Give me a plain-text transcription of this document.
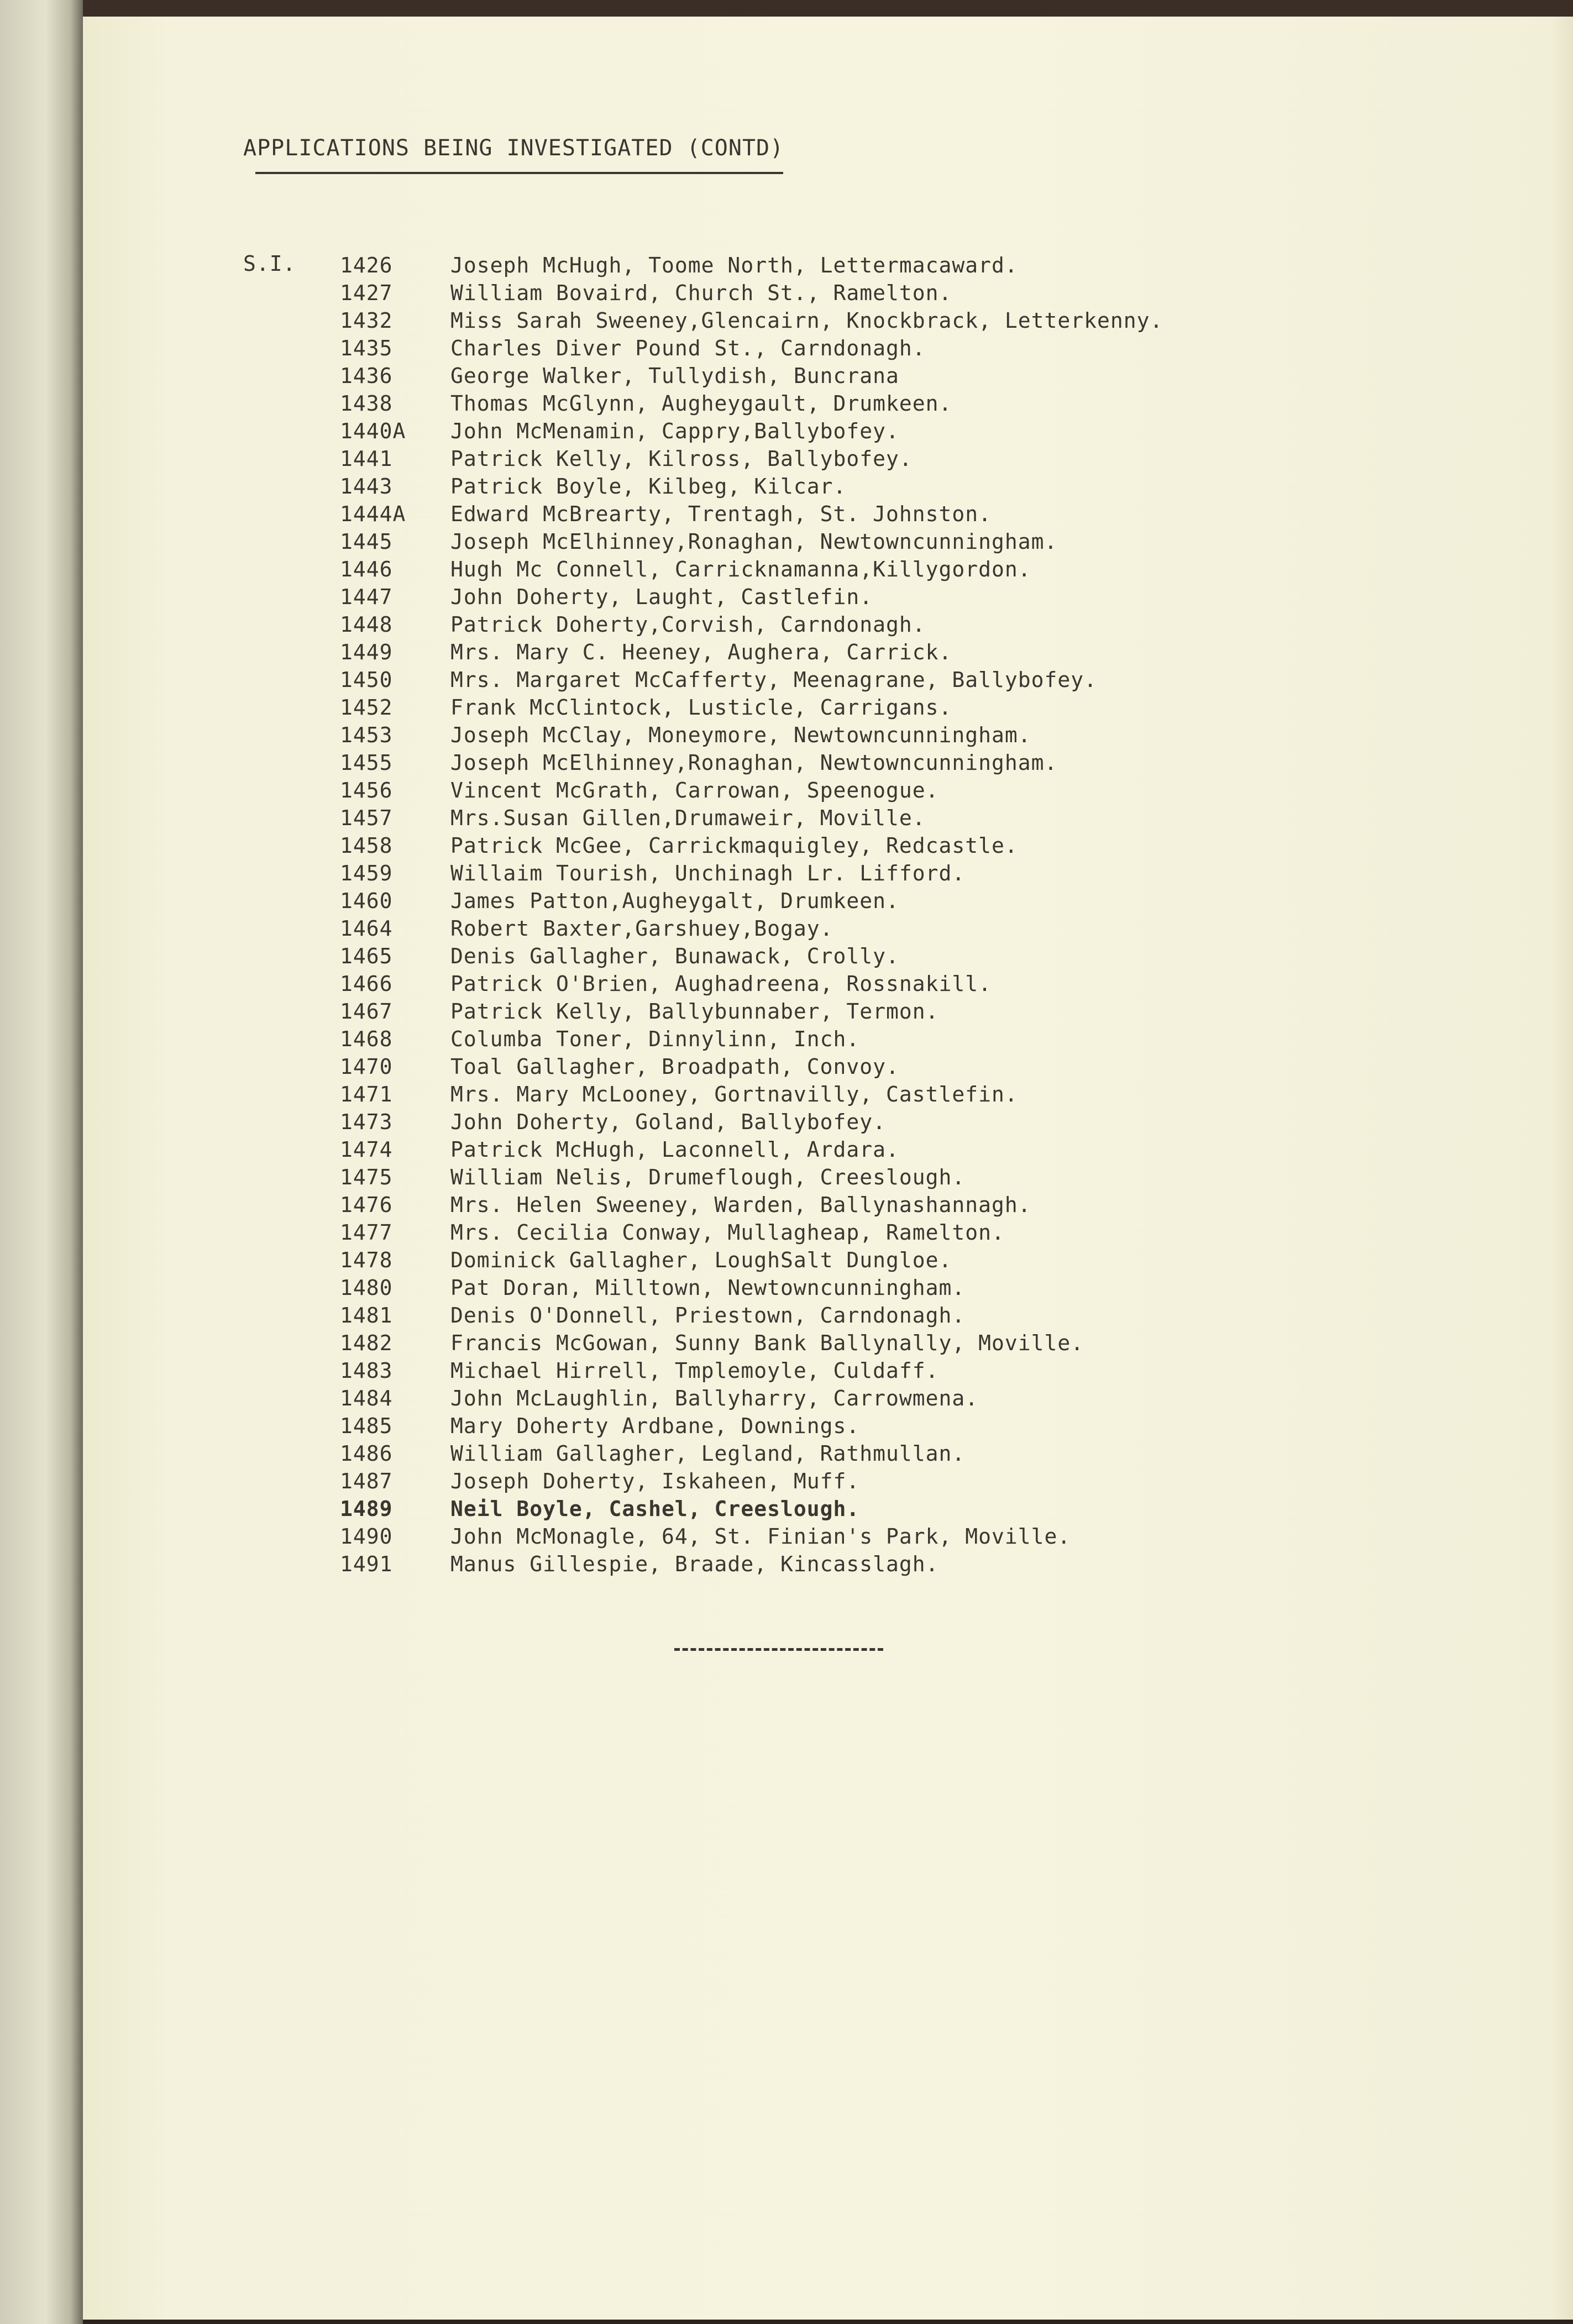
APPLICATIONS BEING INVESTIGATED (CONTD)
S.I. 1426	Joseph McHugh, Toome North, Lettermacaward.
1427	William Bovaird, Church St., Ramelton.
1432	Miss Sarah Sweeney,Glencairn, Knockbrack, Letterkenny.
1435	Charles Diver Pound St., Carndonagh.
1436	George Walker, Tullydish, Buncrana
1438	Thomas McGlynn, Augheygault, Drumkeen.
1440A	John McMenamin, Cappry,Ballybofey.
1441	Patrick Kelly, Kilross, Ballybofey.
1443	Patrick Boyle, Kilbeg, Kilcar.
1444A	Edward McBrearty, Trentagh, St. Johnston.
1445	Joseph McElhinney,Ronaghan, Newtowncunningham.
1446	Hugh Mc Connell, Carricknamanna,Killygordon.
1447	John Doherty, Laught, Castlefin.
1448	Patrick Doherty,Corvish, Carndonagh.
1449	Mrs. Mary C. Heeney, Aughera, Carrick.
1450	Mrs. Margaret McCafferty, Meenagrane, Ballybofey.
1452	Frank McClintock, Lusticle, Carrigans.
1453	Joseph McClay, Moneymore, Newtowncunningham.
1455	Joseph McElhinney,Ronaghan, Newtowncunningham.
1456	Vincent McGrath, Carrowan, Speenogue.
1457	Mrs.Susan Gillen,Drumaweir, Moville.
1458	Patrick McGee, Carrickmaquigley, Redcastle.
1459	Willaim Tourish, Unchinagh Lr. Lifford.
1460	James Patton,Augheygalt, Drumkeen.
1464	Robert Baxter,Garshuey,Bogay.
1465	Denis Gallagher, Bunawack, Crolly.
1466	Patrick O'Brien, Aughadreena, Rossnakill.
1467	Patrick Kelly, Ballybunnaber, Termon.
1468	Columba Toner, Dinnylinn, Inch.
1470	Toal Gallagher, Broadpath, Convoy.
1471	Mrs. Mary McLooney, Gortnavilly, Castlefin.
1473	John Doherty, Goland, Ballybofey.
1474	Patrick McHugh, Laconnell, Ardara.
1475	William Nelis, Drumeflough, Creeslough.
1476	Mrs. Helen Sweeney, Warden, Ballynashannagh.
1477	Mrs. Cecilia Conway, Mullagheap, Ramelton.
1478	Dominick Gallagher, LoughSalt Dungloe.
1480	Pat Doran, Milltown, Newtowncunningham.
1481	Denis O'Donnell, Priestown, Carndonagh.
1482	Francis McGowan, Sunny Bank Ballynally, Moville.
1483	Michael Hirrell, Tmplemoyle, Culdaff.
1484	John McLaughlin, Ballyharry, Carrowmena.
1485	Mary Doherty Ardbane, Downings.
1486	William Gallagher, Legland, Rathmullan.
1487	Joseph Doherty, Iskaheen, Muff.
1489	Neil Boyle, Cashel, Creeslough.
1490	John McMonagle, 64, St. Finian's Park, Moville.
1491	Manus Gillespie, Braade, Kincasslagh.
